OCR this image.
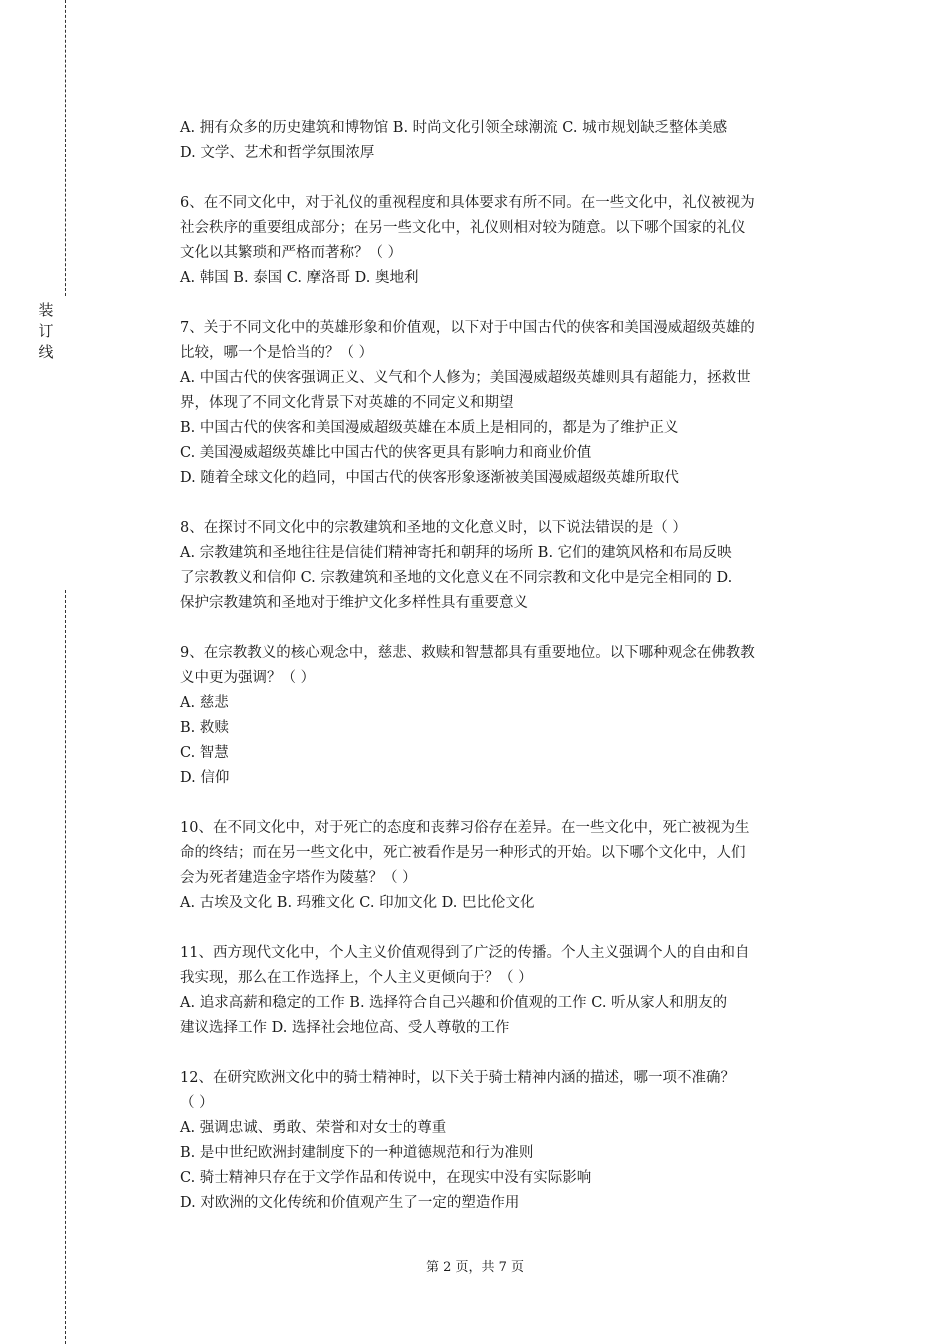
装
订
线

A. 拥有众多的历史建筑和博物馆 B. 时尚文化引领全球潮流 C. 城市规划缺乏整体美感

D. 文学、艺术和哲学氛围浓厚

6、在不同文化中，对于礼仪的重视程度和具体要求有所不同。在一些文化中，礼仪被视为

社会秩序的重要组成部分；在另一些文化中，礼仪则相对较为随意。以下哪个国家的礼仪

文化以其繁琐和严格而著称？（ ）

A. 韩国 B. 泰国 C. 摩洛哥 D. 奥地利

7、关于不同文化中的英雄形象和价值观，以下对于中国古代的侠客和美国漫威超级英雄的

比较，哪一个是恰当的？（ ）

A. 中国古代的侠客强调正义、义气和个人修为；美国漫威超级英雄则具有超能力，拯救世

界，体现了不同文化背景下对英雄的不同定义和期望

B. 中国古代的侠客和美国漫威超级英雄在本质上是相同的，都是为了维护正义

C. 美国漫威超级英雄比中国古代的侠客更具有影响力和商业价值

D. 随着全球文化的趋同，中国古代的侠客形象逐渐被美国漫威超级英雄所取代

8、在探讨不同文化中的宗教建筑和圣地的文化意义时，以下说法错误的是（ ）

A. 宗教建筑和圣地往往是信徒们精神寄托和朝拜的场所 B. 它们的建筑风格和布局反映

了宗教教义和信仰 C. 宗教建筑和圣地的文化意义在不同宗教和文化中是完全相同的 D.

保护宗教建筑和圣地对于维护文化多样性具有重要意义

9、在宗教教义的核心观念中，慈悲、救赎和智慧都具有重要地位。以下哪种观念在佛教教

义中更为强调？（ ）

A. 慈悲

B. 救赎

C. 智慧

D. 信仰

10、在不同文化中，对于死亡的态度和丧葬习俗存在差异。在一些文化中，死亡被视为生

命的终结；而在另一些文化中，死亡被看作是另一种形式的开始。以下哪个文化中，人们

会为死者建造金字塔作为陵墓？（ ）

A. 古埃及文化 B. 玛雅文化 C. 印加文化 D. 巴比伦文化

11、西方现代文化中，个人主义价值观得到了广泛的传播。个人主义强调个人的自由和自

我实现，那么在工作选择上，个人主义更倾向于？（ ）

A. 追求高薪和稳定的工作 B. 选择符合自己兴趣和价值观的工作 C. 听从家人和朋友的

建议选择工作 D. 选择社会地位高、受人尊敬的工作

12、在研究欧洲文化中的骑士精神时，以下关于骑士精神内涵的描述，哪一项不准确？

（ ）

A. 强调忠诚、勇敢、荣誉和对女士的尊重

B. 是中世纪欧洲封建制度下的一种道德规范和行为准则

C. 骑士精神只存在于文学作品和传说中，在现实中没有实际影响

D. 对欧洲的文化传统和价值观产生了一定的塑造作用

第 2 页，共 7 页
